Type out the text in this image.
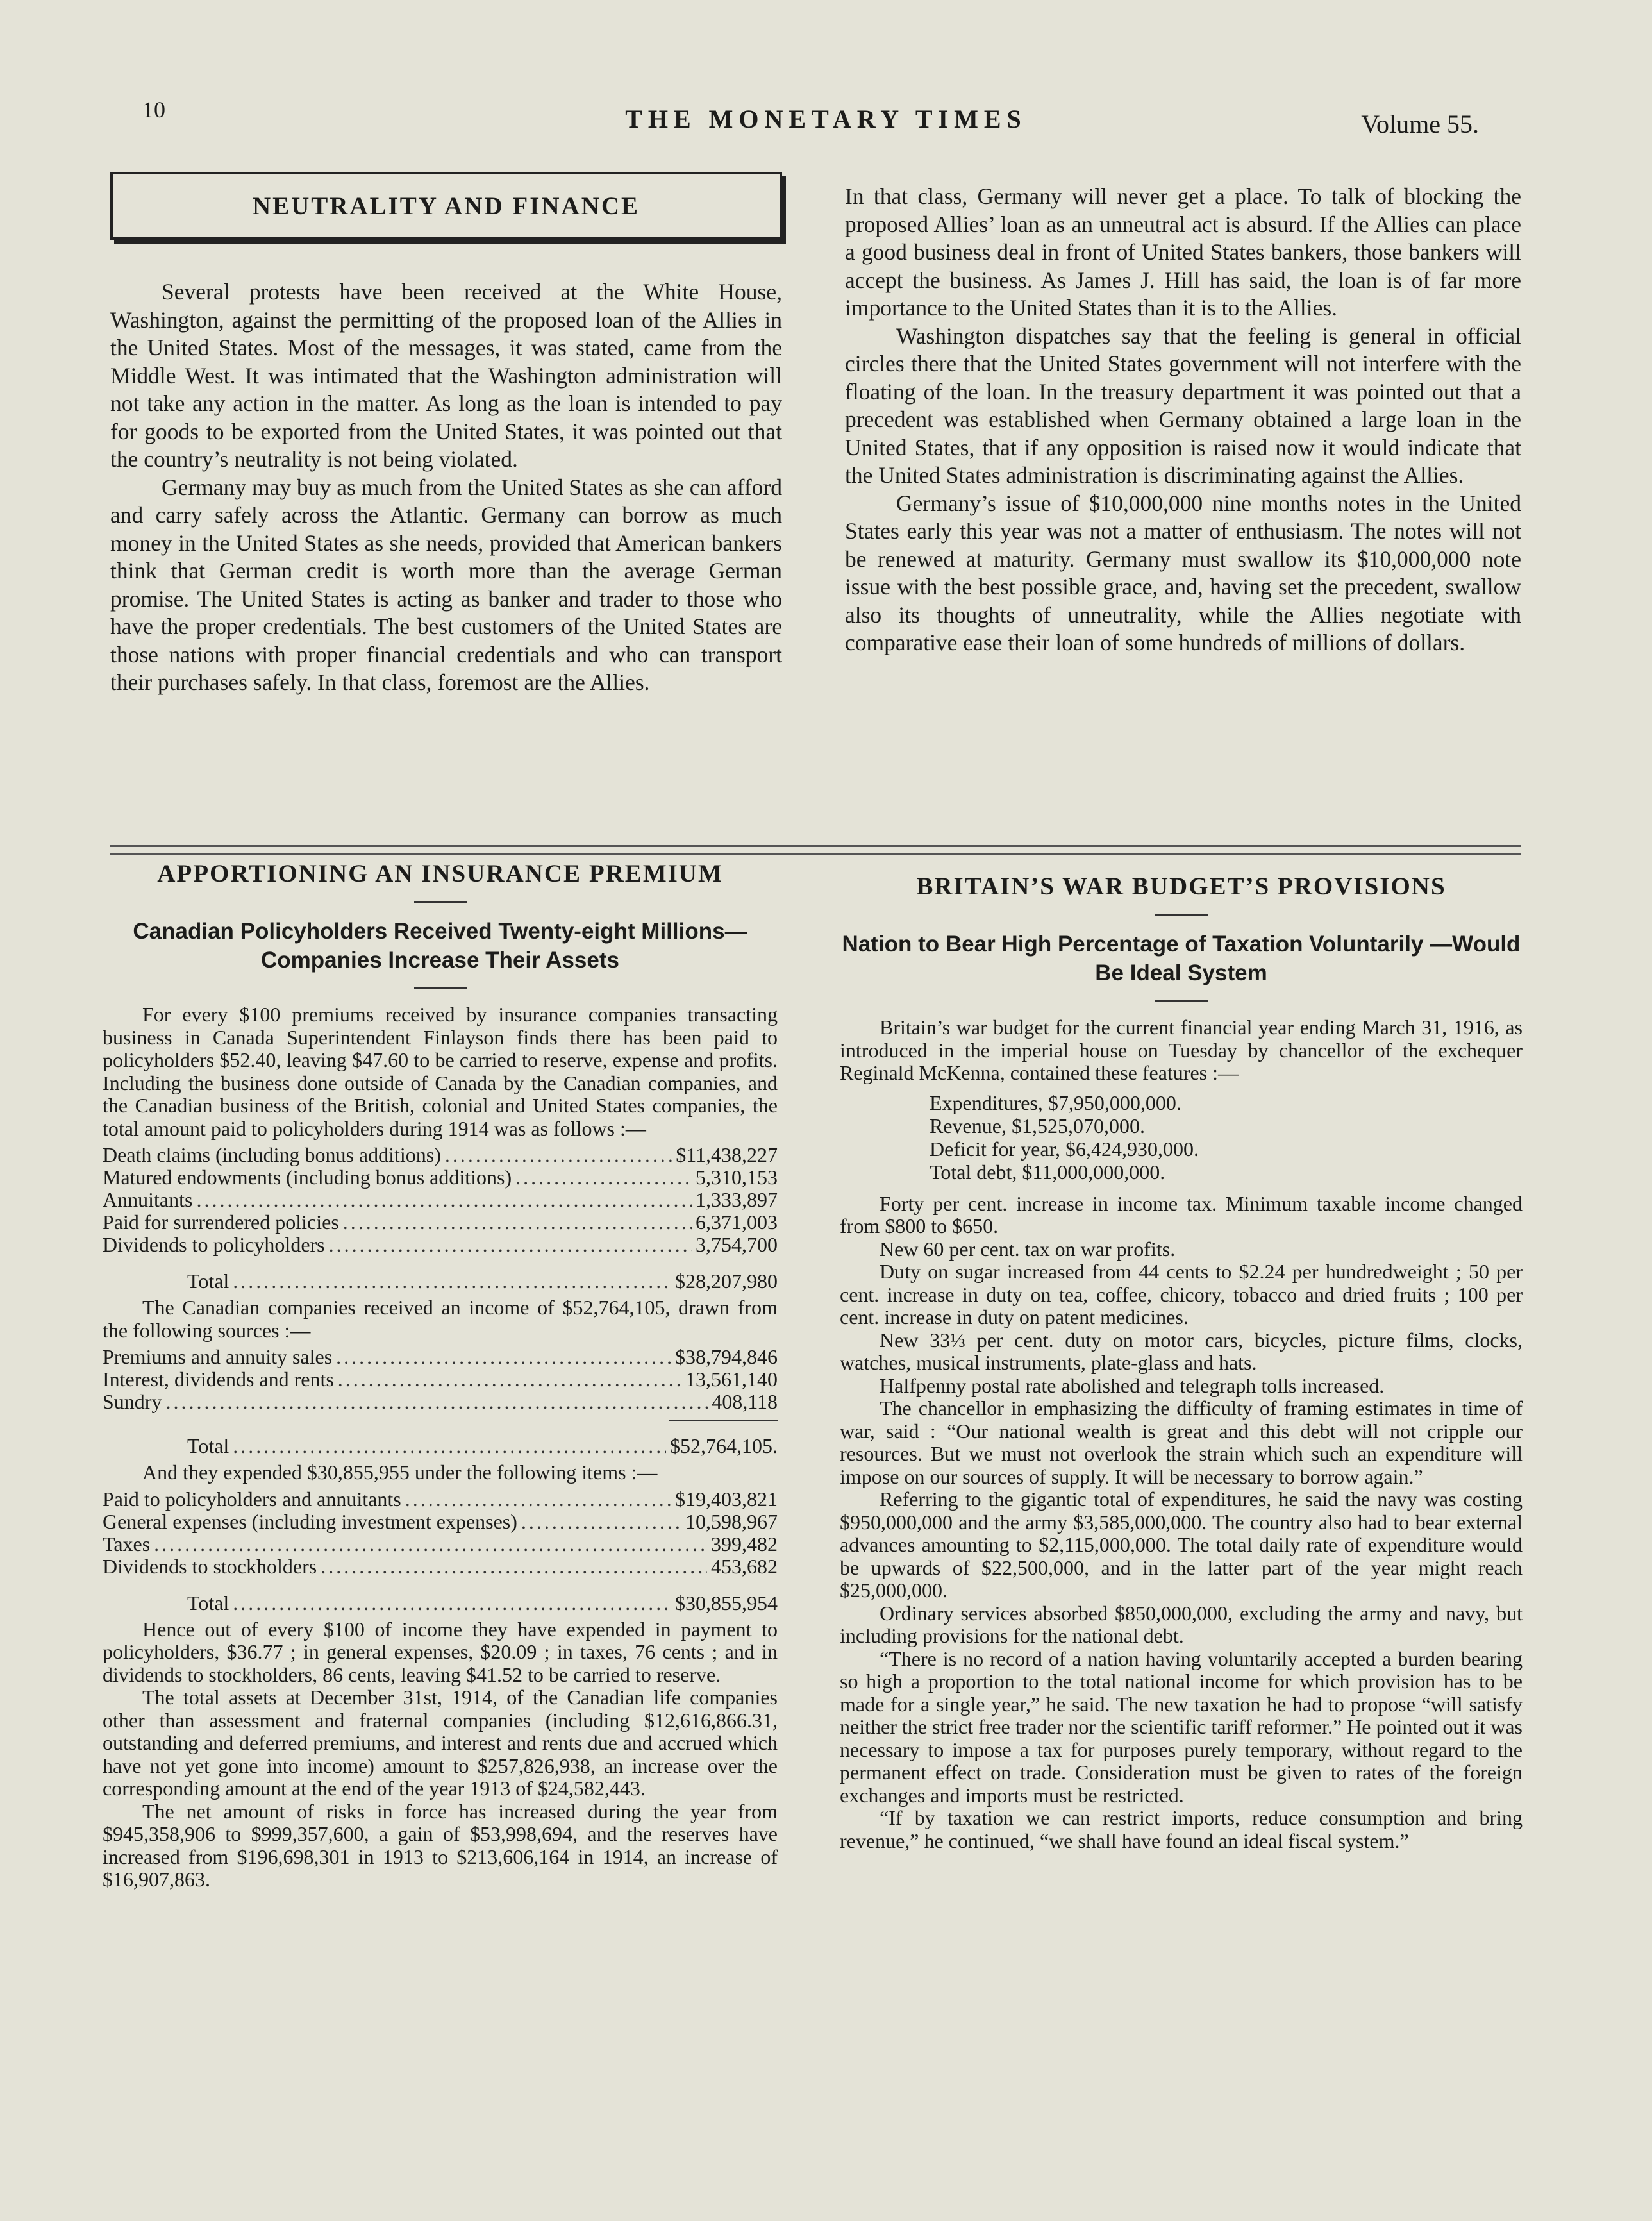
10	THE MONETARY TIMES	Volume 55.
NEUTRALITY AND FINANCE

Several protests have been received at the White House, Washington, against the permitting of the proposed loan of the Allies in the United States. Most of the messages, it was stated, came from the Middle West. It was intimated that the Washington administration will not take any action in the matter. As long as the loan is intended to pay for goods to be exported from the United States, it was pointed out that the country’s neutrality is not being violated.

Germany may buy as much from the United States as she can afford and carry safely across the Atlantic. Germany can borrow as much money in the United States as she needs, provided that American bankers think that German credit is worth more than the average German promise. The United States is acting as banker and trader to those who have the proper credentials. The best customers of the United States are those nations with proper financial credentials and who can transport their purchases safely. In that class, foremost are the Allies.

In that class, Germany will never get a place. To talk of blocking the proposed Allies’ loan as an unneutral act is absurd. If the Allies can place a good business deal in front of United States bankers, those bankers will accept the business. As James J. Hill has said, the loan is of far more importance to the United States than it is to the Allies.

Washington dispatches say that the feeling is general in official circles there that the United States government will not interfere with the floating of the loan. In the treasury department it was pointed out that a precedent was established when Germany obtained a large loan in the United States, that if any opposition is raised now it would indicate that the United States administration is discriminating against the Allies.

Germany’s issue of $10,000,000 nine months notes in the United States early this year was not a matter of enthusiasm. The notes will not be renewed at maturity. Germany must swallow its $10,000,000 note issue with the best possible grace, and, having set the precedent, swallow also its thoughts of unneutrality, while the Allies negotiate with comparative ease their loan of some hundreds of millions of dollars.

APPORTIONING AN INSURANCE PREMIUM
Canadian Policyholders Received Twenty-eight Millions—Companies Increase Their Assets

For every $100 premiums received by insurance companies transacting business in Canada Superintendent Finlayson finds there has been paid to policyholders $52.40, leaving $47.60 to be carried to reserve, expense and profits. Including the business done outside of Canada by the Canadian companies, and the Canadian business of the British, colonial and United States companies, the total amount paid to policyholders during 1914 was as follows :—

Death claims (including bonus additions) .....	$11,438,227
Matured endowments (including bonus additions) .....	5,310,153
Annuitants .....	1,333,897
Paid for surrendered policies .....	6,371,003
Dividends to policyholders .....	3,754,700
Total .....	$28,207,980

The Canadian companies received an income of $52,764,105, drawn from the following sources :—

Premiums and annuity sales .....	$38,794,846
Interest, dividends and rents .....	13,561,140
Sundry .....	408,118
Total .....	$52,764,105.

And they expended $30,855,955 under the following items :—

Paid to policyholders and annuitants .....	$19,403,821
General expenses (including investment expenses) .....	10,598,967
Taxes .....	399,482
Dividends to stockholders .....	453,682
Total .....	$30,855,954

Hence out of every $100 of income they have expended in payment to policyholders, $36.77 ; in general expenses, $20.09 ; in taxes, 76 cents ; and in dividends to stockholders, 86 cents, leaving $41.52 to be carried to reserve.

The total assets at December 31st, 1914, of the Canadian life companies other than assessment and fraternal companies (including $12,616,866.31, outstanding and deferred premiums, and interest and rents due and accrued which have not yet gone into income) amount to $257,826,938, an increase over the corresponding amount at the end of the year 1913 of $24,582,443.

The net amount of risks in force has increased during the year from $945,358,906 to $999,357,600, a gain of $53,998,694, and the reserves have increased from $196,698,301 in 1913 to $213,606,164 in 1914, an increase of $16,907,863.

BRITAIN’S WAR BUDGET’S PROVISIONS
Nation to Bear High Percentage of Taxation Voluntarily —Would Be Ideal System

Britain’s war budget for the current financial year ending March 31, 1916, as introduced in the imperial house on Tuesday by chancellor of the exchequer Reginald McKenna, contained these features :—

Expenditures, $7,950,000,000.
Revenue, $1,525,070,000.
Deficit for year, $6,424,930,000.
Total debt, $11,000,000,000.

Forty per cent. increase in income tax. Minimum taxable income changed from $800 to $650.

New 60 per cent. tax on war profits.

Duty on sugar increased from 44 cents to $2.24 per hundredweight ; 50 per cent. increase in duty on tea, coffee, chicory, tobacco and dried fruits ; 100 per cent. increase in duty on patent medicines.

New 33⅓ per cent. duty on motor cars, bicycles, picture films, clocks, watches, musical instruments, plate-glass and hats.

Halfpenny postal rate abolished and telegraph tolls increased.

The chancellor in emphasizing the difficulty of framing estimates in time of war, said : “Our national wealth is great and this debt will not cripple our resources. But we must not overlook the strain which such an expenditure will impose on our sources of supply. It will be necessary to borrow again.”

Referring to the gigantic total of expenditures, he said the navy was costing $950,000,000 and the army $3,585,000,000. The country also had to bear external advances amounting to $2,115,000,000. The total daily rate of expenditure would be upwards of $22,500,000, and in the latter part of the year might reach $25,000,000.

Ordinary services absorbed $850,000,000, excluding the army and navy, but including provisions for the national debt.

“There is no record of a nation having voluntarily accepted a burden bearing so high a proportion to the total national income for which provision has to be made for a single year,” he said. The new taxation he had to propose “will satisfy neither the strict free trader nor the scientific tariff reformer.” He pointed out it was necessary to impose a tax for purposes purely temporary, without regard to the permanent effect on trade. Consideration must be given to rates of the foreign exchanges and imports must be restricted.

“If by taxation we can restrict imports, reduce consumption and bring revenue,” he continued, “we shall have found an ideal fiscal system.”
